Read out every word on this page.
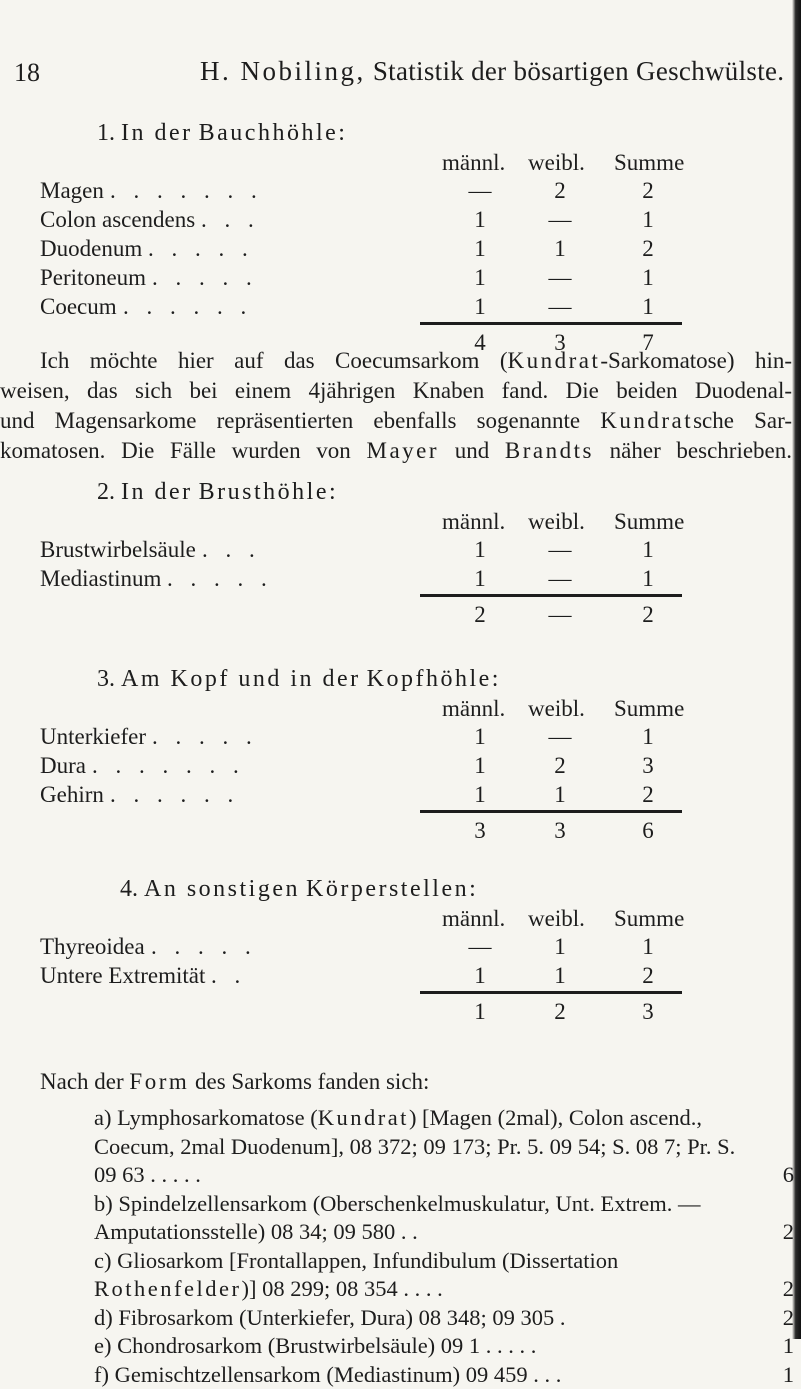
18	H. Nobiling, Statistik der bösartigen Geschwülste.
1. In der Bauchhöhle:
männl. weibl. Summe
Magen	—	2	2
. . . . . . .
Colon ascendens	1	—	1
. . .
Duodenum	1	1	2
. . . . .
Peritoneum	1	—	1
. . . . .
Coecum	1	—	1
. . . . . .
4	3	7
2. In der Brusthöhle:
männl. weibl. Summe
Brustwirbelsäule	1	—	1
. . .
Mediastinum	1	—	1
. . . . .
2	—	2
3. Am Kopf und in der Kopfhöhle:
männl. weibl. Summe
Unterkiefer	1	—	1
. . . . .
Dura	1	2	3
. . . . . . .
Gehirn	1	1	2
. . . . . .
3	3	6
4. An sonstigen Körperstellen:
männl. weibl. Summe
Thyreoidea	—	1	1
. . . . .
Untere Extremität	1	1	2
. .
1	2	3
Ich möchte hier auf das Coecumsarkom (Kundrat-Sarkomatose) hin-
weisen, das sich bei einem 4jährigen Knaben fand. Die beiden Duodenal-
und Magensarkome repräsentierten ebenfalls sogenannte Kundratsche Sar-
komatosen. Die Fälle wurden von Mayer und Brandts näher beschrieben.
Nach der Form des Sarkoms fanden sich:
a) Lymphosarkomatose (Kundrat) [Magen (2mal), Colon ascend., Coecum, 2mal Duodenum], 08 372; 09 173; Pr. 5. 09 54; S. 08 7; Pr. S. 09 63 . . . . .	6
b) Spindelzellensarkom (Oberschenkelmuskulatur, Unt. Extrem. — Amputationsstelle) 08 34; 09 580 . .	2
c) Gliosarkom [Frontallappen, Infundibulum (Dissertation Rothenfelder)] 08 299; 08 354 . . . .	2
d) Fibrosarkom (Unterkiefer, Dura) 08 348; 09 305 .	2
e) Chondrosarkom (Brustwirbelsäule) 09 1 . . . . .	1
f) Gemischtzellensarkom (Mediastinum) 09 459 . . .	1
